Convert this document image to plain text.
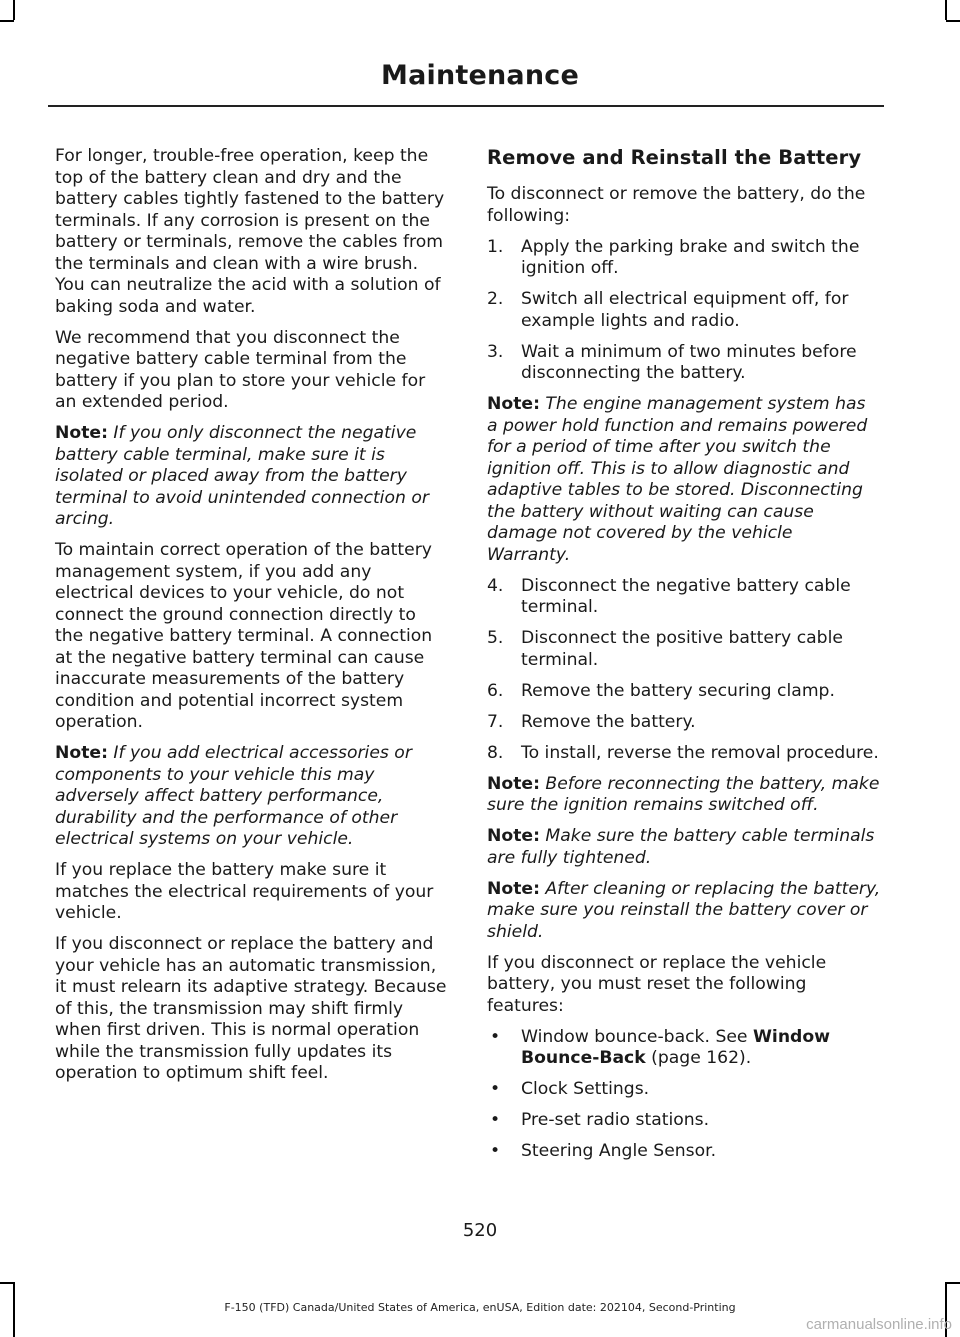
Maintenance

For longer, trouble-free operation, keep the top of the battery clean and dry and the battery cables tightly fastened to the battery terminals. If any corrosion is present on the battery or terminals, remove the cables from the terminals and clean with a wire brush. You can neutralize the acid with a solution of baking soda and water.

We recommend that you disconnect the negative battery cable terminal from the battery if you plan to store your vehicle for an extended period.

Note: If you only disconnect the negative battery cable terminal, make sure it is isolated or placed away from the battery terminal to avoid unintended connection or arcing.

To maintain correct operation of the battery management system, if you add any electrical devices to your vehicle, do not connect the ground connection directly to the negative battery terminal. A connection at the negative battery terminal can cause inaccurate measurements of the battery condition and potential incorrect system operation.

Note: If you add electrical accessories or components to your vehicle this may adversely affect battery performance, durability and the performance of other electrical systems on your vehicle.

If you replace the battery make sure it matches the electrical requirements of your vehicle.

If you disconnect or replace the battery and your vehicle has an automatic transmission, it must relearn its adaptive strategy. Because of this, the transmission may shift firmly when first driven. This is normal operation while the transmission fully updates its operation to optimum shift feel.

Remove and Reinstall the Battery

To disconnect or remove the battery, do the following:

1. Apply the parking brake and switch the ignition off.
2. Switch all electrical equipment off, for example lights and radio.
3. Wait a minimum of two minutes before disconnecting the battery.

Note: The engine management system has a power hold function and remains powered for a period of time after you switch the ignition off. This is to allow diagnostic and adaptive tables to be stored. Disconnecting the battery without waiting can cause damage not covered by the vehicle Warranty.

4. Disconnect the negative battery cable terminal.
5. Disconnect the positive battery cable terminal.
6. Remove the battery securing clamp.
7. Remove the battery.
8. To install, reverse the removal procedure.

Note: Before reconnecting the battery, make sure the ignition remains switched off.

Note: Make sure the battery cable terminals are fully tightened.

Note: After cleaning or replacing the battery, make sure you reinstall the battery cover or shield.

If you disconnect or replace the vehicle battery, you must reset the following features:

• Window bounce-back. See Window Bounce-Back (page 162).
• Clock Settings.
• Pre-set radio stations.
• Steering Angle Sensor.
520
F-150 (TFD) Canada/United States of America, enUSA, Edition date: 202104, Second-Printing
carmanualsonline.info
